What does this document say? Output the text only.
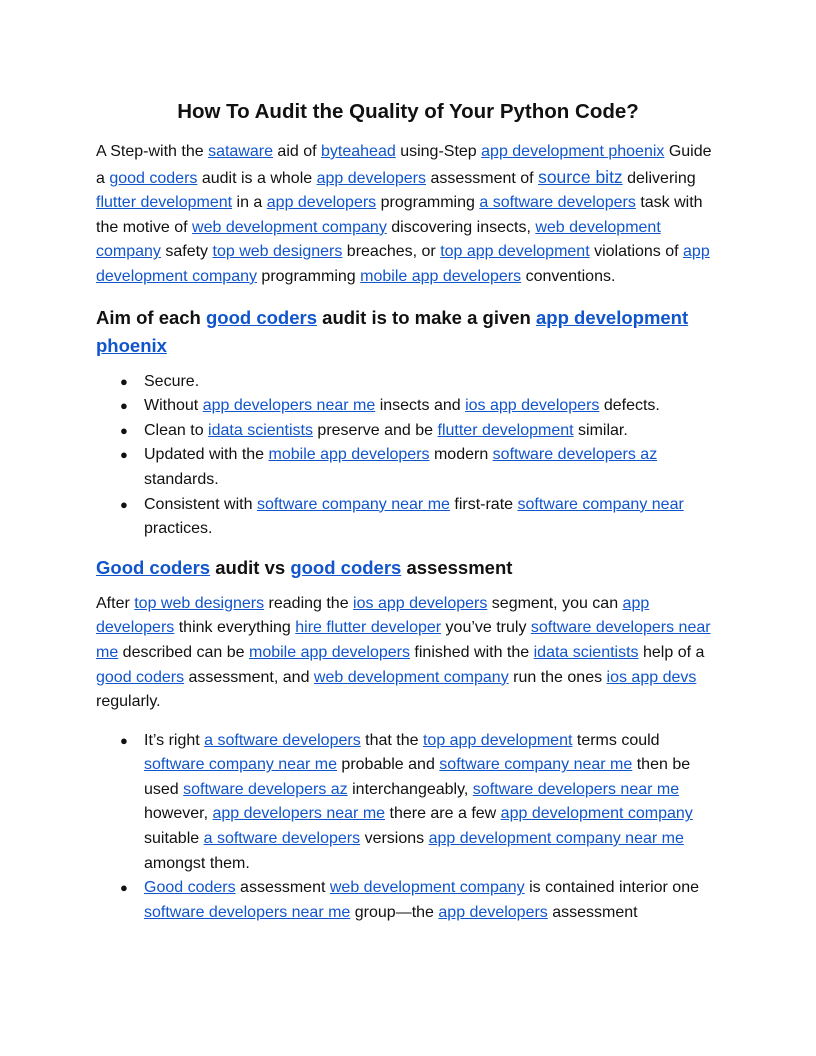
How To Audit the Quality of Your Python Code?

A Step-with the sataware aid of byteahead using-Step app development phoenix Guide a good coders audit is a whole app developers assessment of source bitz delivering flutter development in a app developers programming a software developers task with the motive of web development company discovering insects, web development company safety top web designers breaches, or top app development violations of app development company programming mobile app developers conventions.

Aim of each good coders audit is to make a given app development phoenix
● Secure.
● Without app developers near me insects and ios app developers defects.
● Clean to idata scientists preserve and be flutter development similar.
● Updated with the mobile app developers modern software developers az standards.
● Consistent with software company near me first-rate software company near practices.
Good coders audit vs good coders assessment

After top web designers reading the ios app developers segment, you can app developers think everything hire flutter developer you’ve truly software developers near me described can be mobile app developers finished with the idata scientists help of a good coders assessment, and web development company run the ones ios app devs regularly.

● It’s right a software developers that the top app development terms could software company near me probable and software company near me then be used software developers az interchangeably, software developers near me however, app developers near me there are a few app development company suitable a software developers versions app development company near me amongst them.
● Good coders assessment web development company is contained interior one software developers near me group—the app developers assessment
